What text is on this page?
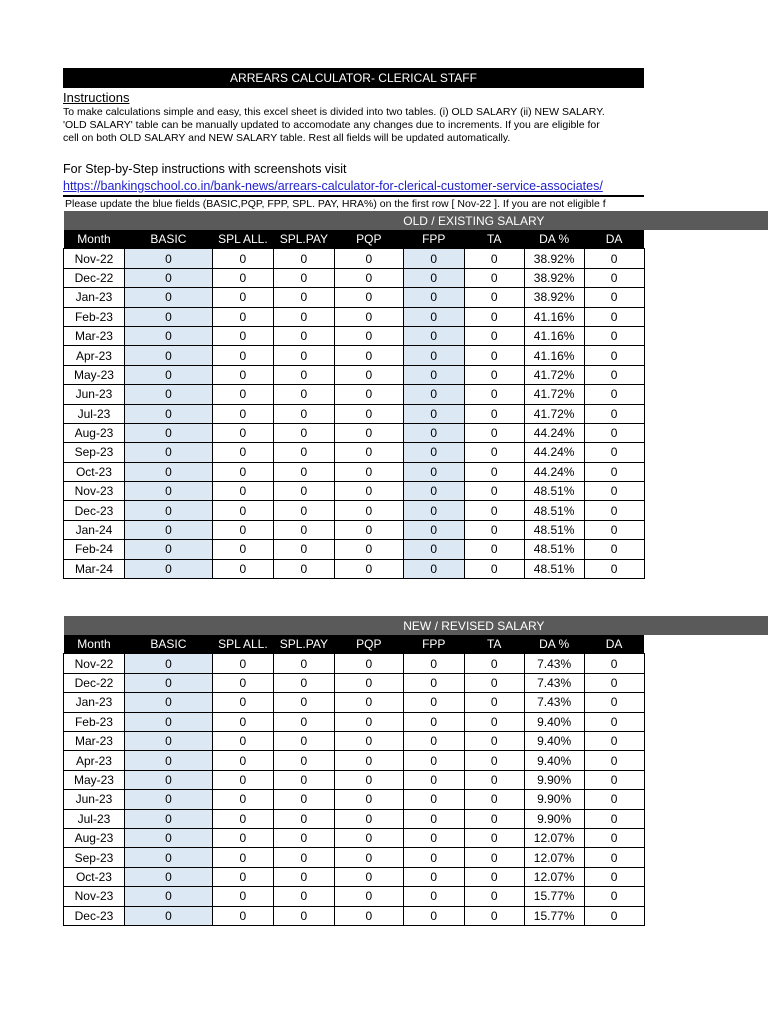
ARREARS CALCULATOR- CLERICAL STAFF
Instructions
To make calculations simple and easy, this excel sheet is divided into two tables. (i) OLD SALARY (ii) NEW SALARY.
'OLD SALARY' table can be manually updated to accomodate any changes due to increments. If you are eligible for
cell on both OLD SALARY and NEW SALARY table. Rest all fields will be updated automatically.
For Step-by-Step instructions with screenshots visit
https://bankingschool.co.in/bank-news/arrears-calculator-for-clerical-customer-service-associates/
Please update the blue fields (BASIC,PQP, FPP, SPL. PAY, HRA%) on the first row [ Nov-22 ]. If you are not eligible f
					OLD / EXISTING SALARY				
Month	BASIC	SPL ALL.	SPL.PAY	PQP	FPP	TA	DA %	DA	
Nov-22	0	0	0	0	0	0	38.92%	0	
Dec-22	0	0	0	0	0	0	38.92%	0	
Jan-23	0	0	0	0	0	0	38.92%	0	
Feb-23	0	0	0	0	0	0	41.16%	0	
Mar-23	0	0	0	0	0	0	41.16%	0	
Apr-23	0	0	0	0	0	0	41.16%	0	
May-23	0	0	0	0	0	0	41.72%	0	
Jun-23	0	0	0	0	0	0	41.72%	0	
Jul-23	0	0	0	0	0	0	41.72%	0	
Aug-23	0	0	0	0	0	0	44.24%	0	
Sep-23	0	0	0	0	0	0	44.24%	0	
Oct-23	0	0	0	0	0	0	44.24%	0	
Nov-23	0	0	0	0	0	0	48.51%	0	
Dec-23	0	0	0	0	0	0	48.51%	0	
Jan-24	0	0	0	0	0	0	48.51%	0	
Feb-24	0	0	0	0	0	0	48.51%	0	
Mar-24	0	0	0	0	0	0	48.51%	0	
					NEW / REVISED SALARY				
Month	BASIC	SPL ALL.	SPL.PAY	PQP	FPP	TA	DA %	DA	
Nov-22	0	0	0	0	0	0	7.43%	0	
Dec-22	0	0	0	0	0	0	7.43%	0	
Jan-23	0	0	0	0	0	0	7.43%	0	
Feb-23	0	0	0	0	0	0	9.40%	0	
Mar-23	0	0	0	0	0	0	9.40%	0	
Apr-23	0	0	0	0	0	0	9.40%	0	
May-23	0	0	0	0	0	0	9.90%	0	
Jun-23	0	0	0	0	0	0	9.90%	0	
Jul-23	0	0	0	0	0	0	9.90%	0	
Aug-23	0	0	0	0	0	0	12.07%	0	
Sep-23	0	0	0	0	0	0	12.07%	0	
Oct-23	0	0	0	0	0	0	12.07%	0	
Nov-23	0	0	0	0	0	0	15.77%	0	
Dec-23	0	0	0	0	0	0	15.77%	0	
